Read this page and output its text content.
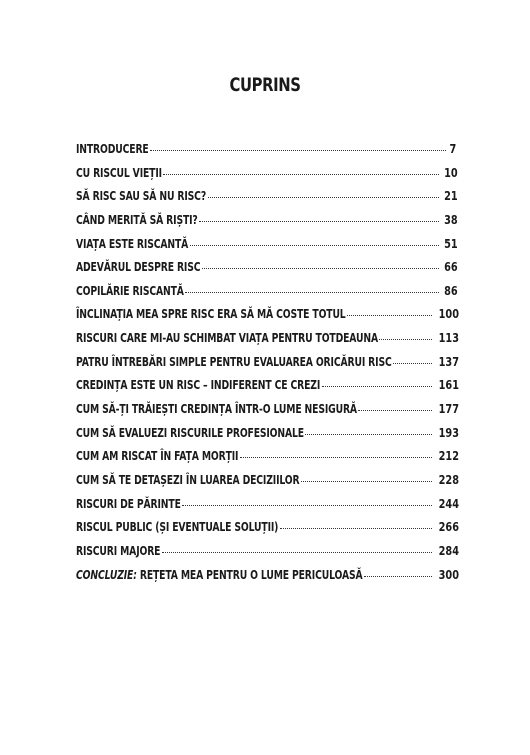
CUPRINS
INTRODUCERE	7
CU RISCUL VIEȚII	10
SĂ RISC SAU SĂ NU RISC?	21
CÂND MERITĂ SĂ RIȘTI?	38
VIAȚA ESTE RISCANTĂ	51
ADEVĂRUL DESPRE RISC	66
COPILĂRIE RISCANTĂ	86
ÎNCLINAȚIA MEA SPRE RISC ERA SĂ MĂ COSTE TOTUL	100
RISCURI CARE MI-AU SCHIMBAT VIAȚA PENTRU TOTDEAUNA	113
PATRU ÎNTREBĂRI SIMPLE PENTRU EVALUAREA ORICĂRUI RISC	137
CREDINȚA ESTE UN RISC – INDIFERENT CE CREZI	161
CUM SĂ-ȚI TRĂIEȘTI CREDINȚA ÎNTR-O LUME NESIGURĂ	177
CUM SĂ EVALUEZI RISCURILE PROFESIONALE	193
CUM AM RISCAT ÎN FAȚA MORȚII	212
CUM SĂ TE DETAȘEZI ÎN LUAREA DECIZIILOR	228
RISCURI DE PĂRINTE	244
RISCUL PUBLIC (ȘI EVENTUALE SOLUȚII)	266
RISCURI MAJORE	284
CONCLUZIE: REȚETA MEA PENTRU O LUME PERICULOASĂ	300
